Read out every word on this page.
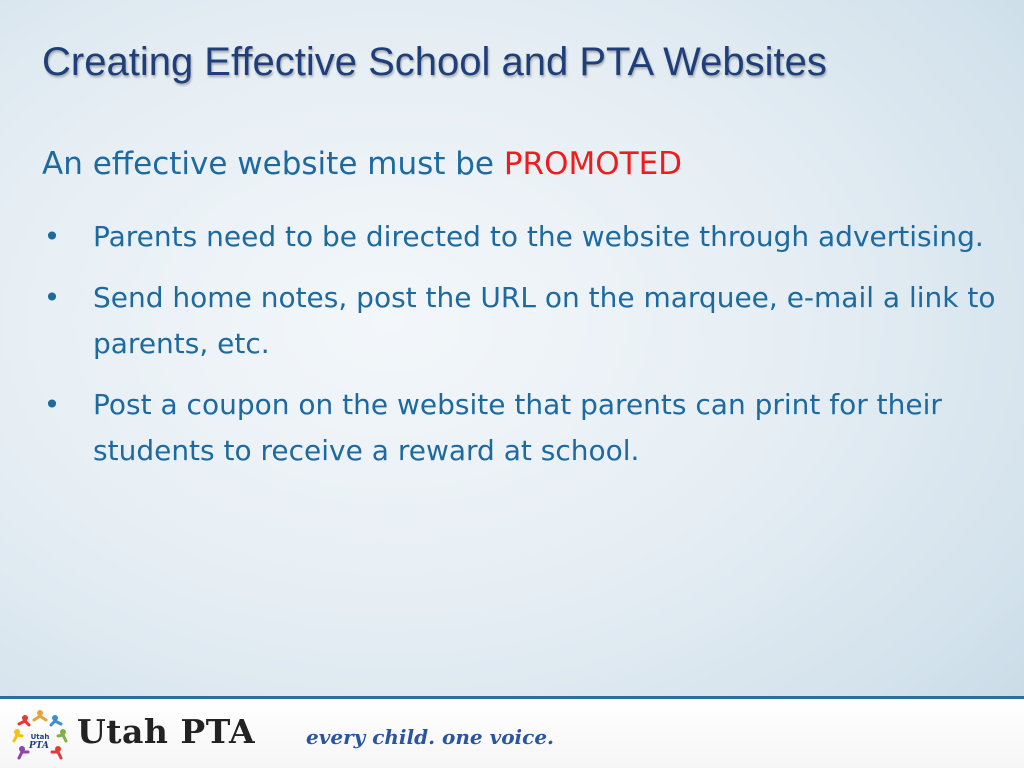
Creating Effective School and PTA Websites

An effective website must be PROMOTED

• Parents need to be directed to the website through advertising.
• Send home notes, post the URL on the marquee, e-mail a link to parents, etc.
• Post a coupon on the website that parents can print for their students to receive a reward at school.
Utah
PTA Utah PTA	every child. one voice.
